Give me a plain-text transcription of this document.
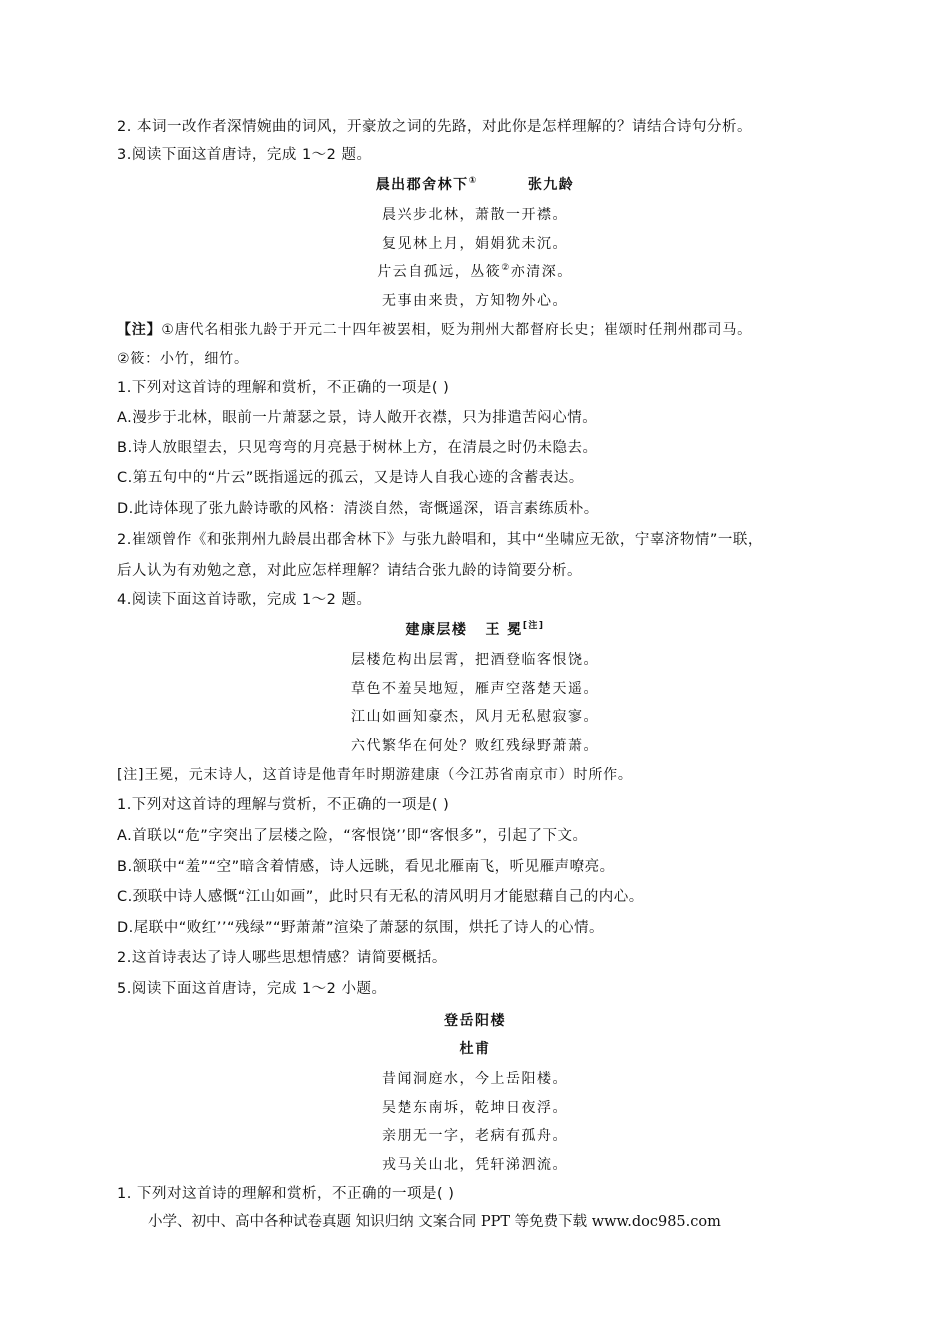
2. 本词一改作者深情婉曲的词风，开豪放之词的先路，对此你是怎样理解的？请结合诗句分析。
3.阅读下面这首唐诗，完成 1～2 题。
晨出郡舍林下①	张九龄
晨兴步北林，萧散一开襟。
复见林上月，娟娟犹未沉。
片云自孤远，丛筱②亦清深。
无事由来贵，方知物外心。
【注】①唐代名相张九龄于开元二十四年被罢相，贬为荆州大都督府长史；崔颂时任荆州郡司马。
②筱：小竹，细竹。
1.下列对这首诗的理解和赏析，不正确的一项是( )
A.漫步于北林，眼前一片萧瑟之景，诗人敞开衣襟，只为排遣苦闷心情。
B.诗人放眼望去，只见弯弯的月亮悬于树林上方，在清晨之时仍未隐去。
C.第五句中的“片云”既指遥远的孤云，又是诗人自我心迹的含蓄表达。
D.此诗体现了张九龄诗歌的风格：清淡自然，寄慨遥深，语言素练质朴。
2.崔颂曾作《和张荆州九龄晨出郡舍林下》与张九龄唱和，其中“坐啸应无欲，宁辜济物情”一联，
后人认为有劝勉之意，对此应怎样理解？请结合张九龄的诗简要分析。
4.阅读下面这首诗歌，完成 1～2 题。
建康层楼 王 冕[注]
层楼危构出层霄，把酒登临客恨饶。
草色不羞吴地短，雁声空落楚天遥。
江山如画知豪杰，风月无私慰寂寥。
六代繁华在何处？败红残绿野萧萧。
[注]王冕，元末诗人，这首诗是他青年时期游建康（今江苏省南京市）时所作。
1.下列对这首诗的理解与赏析，不正确的一项是( )
A.首联以“危”字突出了层楼之险，“客恨饶’’即“客恨多”，引起了下文。
B.颔联中“羞”“空”暗含着情感，诗人远眺，看见北雁南飞，听见雁声嘹亮。
C.颈联中诗人感慨“江山如画”，此时只有无私的清风明月才能慰藉自己的内心。
D.尾联中“败红’’“残绿”“野萧萧”渲染了萧瑟的氛围，烘托了诗人的心情。
2.这首诗表达了诗人哪些思想情感？请简要概括。
5.阅读下面这首唐诗，完成 1～2 小题。
登岳阳楼
杜甫
昔闻洞庭水，今上岳阳楼。
吴楚东南坼，乾坤日夜浮。
亲朋无一字，老病有孤舟。
戎马关山北，凭轩涕泗流。
1. 下列对这首诗的理解和赏析，不正确的一项是( )
小学、初中、高中各种试卷真题 知识归纳 文案合同 PPT 等免费下载 www.doc985.com
